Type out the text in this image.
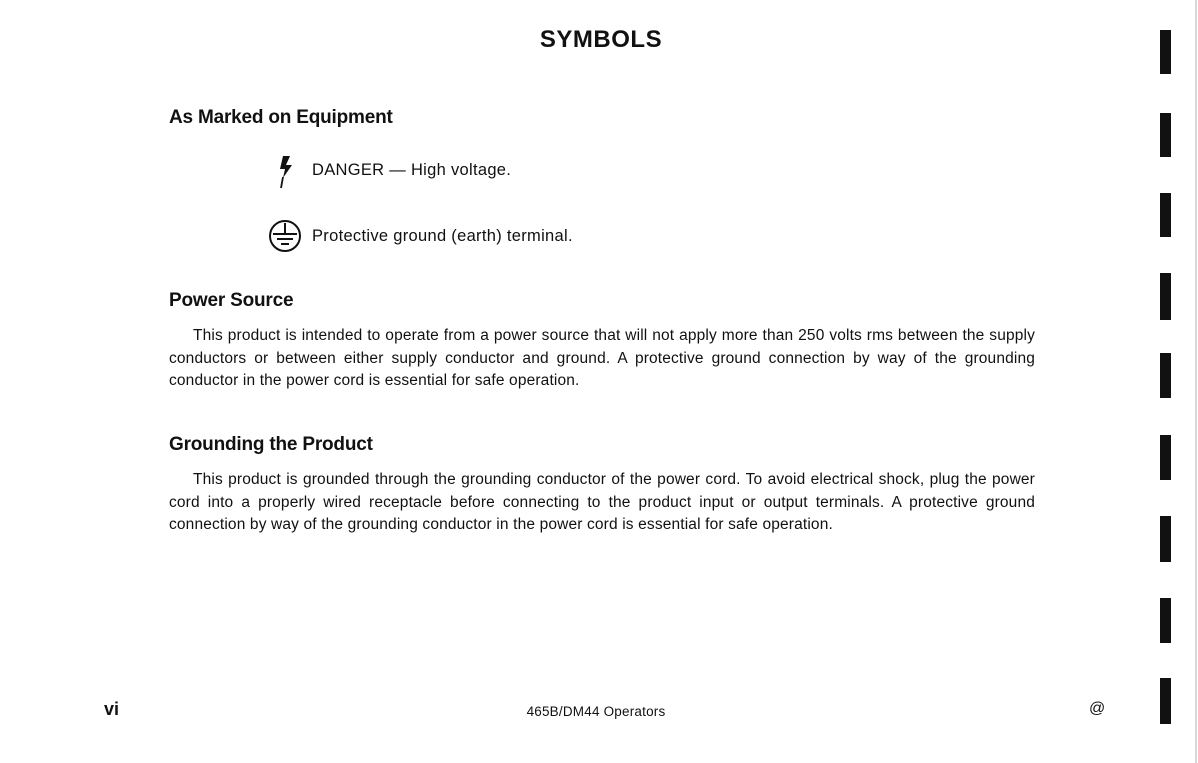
SYMBOLS
As Marked on Equipment
DANGER — High voltage.
Protective ground (earth) terminal.
Power Source

This product is intended to operate from a power source that will not apply more than 250 volts rms between the supply conductors or between either supply conductor and ground. A protective ground connection by way of the grounding conductor in the power cord is essential for safe operation.

Grounding the Product

This product is grounded through the grounding conductor of the power cord. To avoid electrical shock, plug the power cord into a properly wired receptacle before connecting to the product input or output terminals. A protective ground connection by way of the grounding conductor in the power cord is essential for safe operation.

vi	465B/DM44 Operators	@
